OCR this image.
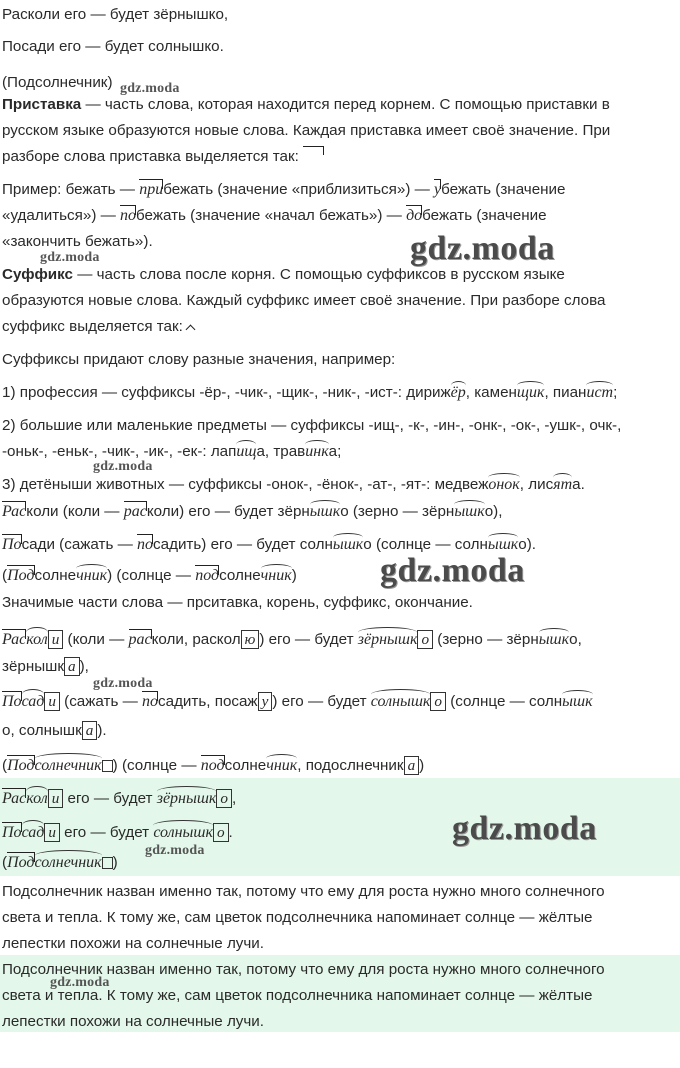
Расколи его — будет зёрнышко,
Посади его — будет солнышко.
(Подсолнечник)
Приставка — часть слова, которая находится перед корнем. С помощью приставки в
русском языке образуются новые слова. Каждая приставка имеет своё значение. При
разборе слова приставка выделяется так:
Пример: бежать — прибежать (значение «приблизиться») — убежать (значение
«удалиться») — побежать (значение «начал бежать») — добежать (значение
«закончить бежать»).
Суффикс — часть слова после корня. С помощью суффиксов в русском языке
образуются новые слова. Каждый суффикс имеет своё значение. При разборе слова
суффикс выделяется так:
Суффиксы придают слову разные значения, например:
1) профессия — суффиксы -ёр-, -чик-, -щик-, -ник-, -ист-: дирижёр, каменщик, пианист;
2) большие или маленькие предметы — суффиксы -ищ-, -к-, -ин-, -онк-, -ок-, -ушк-, очк-,
-оньк-, -еньк-, -чик-, -ик-, -ек-: лапища, травинка;
3) детёныши животных — суффиксы -онок-, -ёнок-, -ат-, -ят-: медвежонок, лисята.
Расколи (коли — расколи) его — будет зёрнышко (зерно — зёрнышко),
Посади (сажать — посадить) его — будет солнышко (солнце — солнышко).
(Подсолнечник) (солнце — подсолнечник)
Значимые части слова — прситавка, корень, суффикс, окончание.
Раскол и (коли — расколи, раскол ю ) его — будет зёрнышк о (зерно — зёрнышко,
зёрнышк а ),
Посад и (сажать — посадить, посаж у ) его — будет солнышк о (солнце — солнышк
о, солнышк а ).
(Подсолнечник ) (солнце — подсолнечник, подослнечник а )
Раскол и его — будет зёрнышк о ,
Посад и его — будет солнышк о .
(Подсолнечник )
Подсолнечник назван именно так, потому что ему для роста нужно много солнечного
света и тепла. К тому же, сам цветок подсолнечника напоминает солнце — жёлтые
лепестки похожи на солнечные лучи.
Подсолнечник назван именно так, потому что ему для роста нужно много солнечного
света и тепла. К тому же, сам цветок подсолнечника напоминает солнце — жёлтые
лепестки похожи на солнечные лучи.
gdz.moda
gdz.moda	gdz.moda
gdz.moda
gdz.moda
gdz.moda
gdz.moda
gdz.moda
gdz.moda
